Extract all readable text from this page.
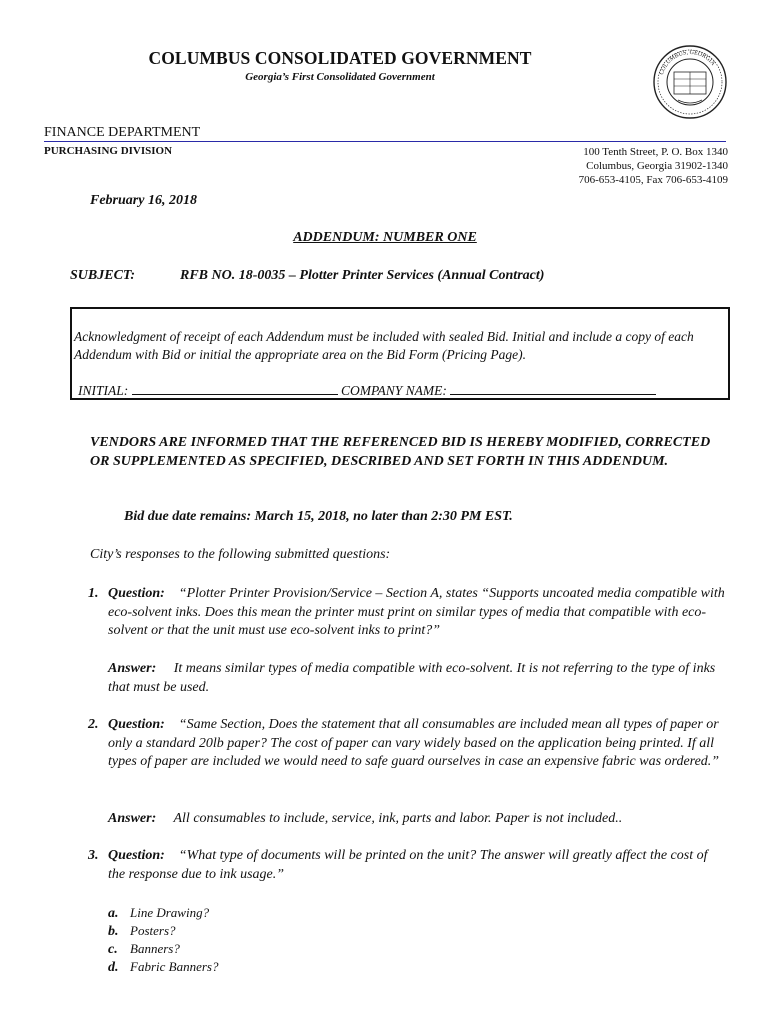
COLUMBUS CONSOLIDATED GOVERNMENT
Georgia’s First Consolidated Government	COLUMBUS, GEORGIA
FINANCE DEPARTMENT
PURCHASING DIVISION	100 Tenth Street, P. O. Box 1340
Columbus, Georgia 31902-1340
706-653-4105, Fax 706-653-4109
February 16, 2018
ADDENDUM: NUMBER ONE
SUBJECT:	RFB NO. 18-0035 – Plotter Printer Services (Annual Contract)
Acknowledgment of receipt of each Addendum must be included with sealed Bid. Initial and include a copy of each Addendum with Bid or initial the appropriate area on the Bid Form (Pricing Page).
INITIAL:	COMPANY NAME:
VENDORS ARE INFORMED THAT THE REFERENCED BID IS HEREBY MODIFIED, CORRECTED OR SUPPLEMENTED AS SPECIFIED, DESCRIBED AND SET FORTH IN THIS ADDENDUM.
Bid due date remains: March 15, 2018, no later than 2:30 PM EST.
City’s responses to the following submitted questions:
1. Question: “Plotter Printer Provision/Service – Section A, states “Supports uncoated media compatible with eco-solvent inks. Does this mean the printer must print on similar types of media that compatible with eco-solvent or that the unit must use eco-solvent inks to print?”
Answer: It means similar types of media compatible with eco-solvent. It is not referring to the type of inks that must be used.
2. Question: “Same Section, Does the statement that all consumables are included mean all types of paper or only a standard 20lb paper? The cost of paper can vary widely based on the application being printed. If all types of paper are included we would need to safe guard ourselves in case an expensive fabric was ordered.”
Answer: All consumables to include, service, ink, parts and labor. Paper is not included..
3. Question: “What type of documents will be printed on the unit? The answer will greatly affect the cost of the response due to ink usage.”
a. Line Drawing?
b. Posters?
c. Banners?
d. Fabric Banners?
